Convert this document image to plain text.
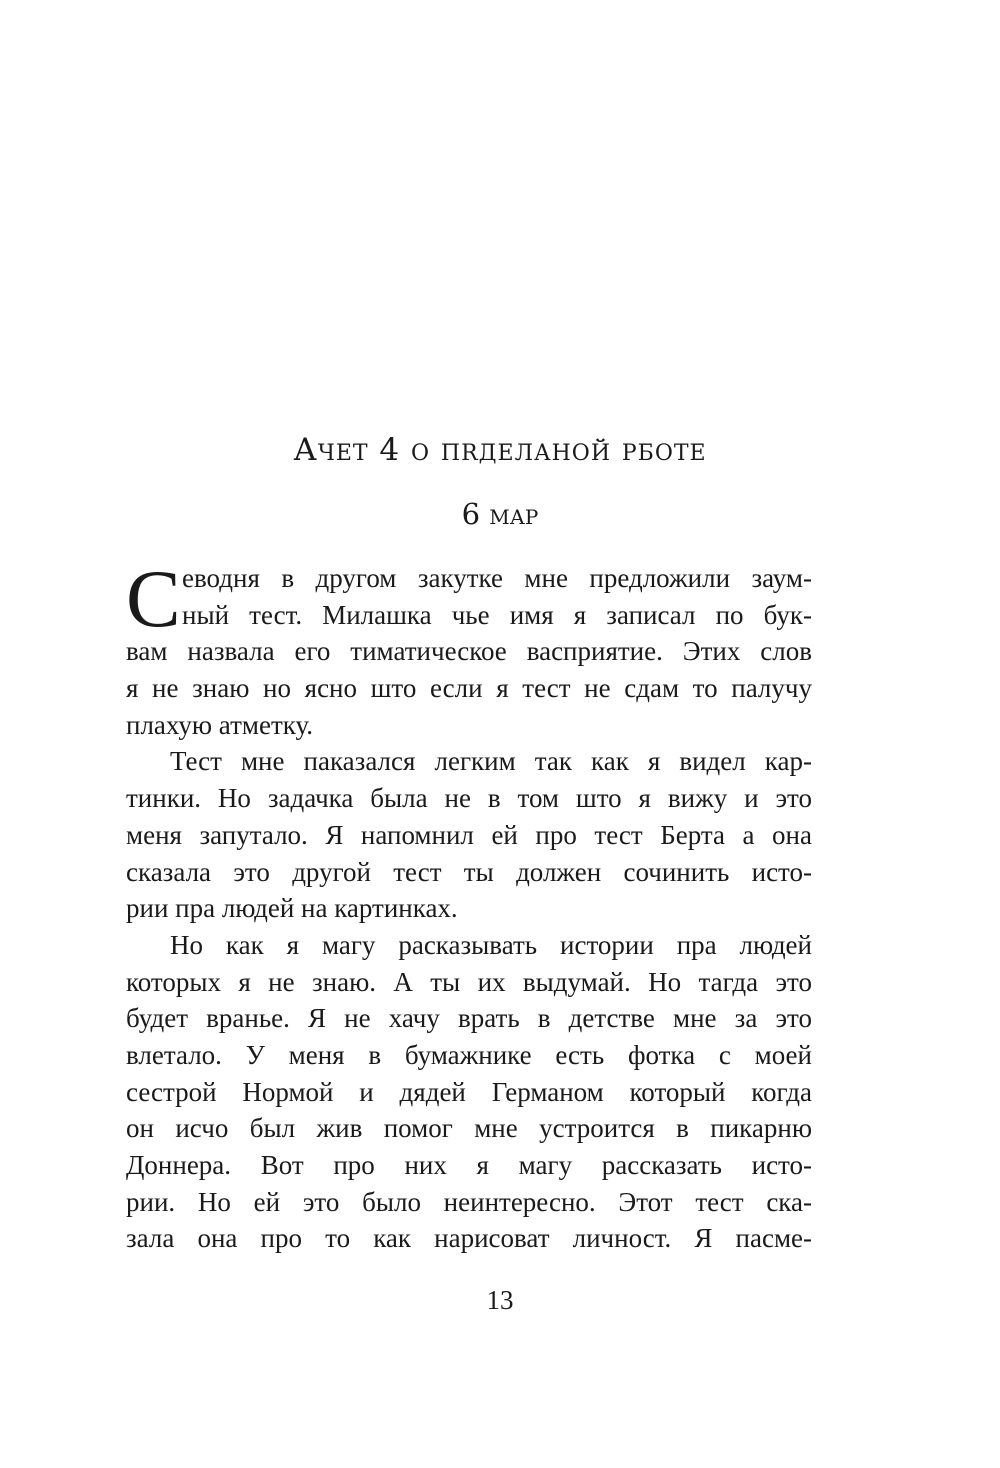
Ачет 4 о пrделаной рботе
6 мар
С еводня в другом закутке мне предложили заум-
ный тест. Милашка чье имя я записал по бук-
вам назвала его тиматическое васприятие. Этих слов
я не знаю но ясно што если я тест не сдам то палучу
плахую атметку.
Тест мне паказался легким так как я видел кар-
тинки. Но задачка была не в том што я вижу и это
меня запутало. Я напомнил ей про тест Берта а она
сказала это другой тест ты должен сочинить исто-
рии пра людей на картинках.
Но как я магу расказывать истории пра людей
которых я не знаю. А ты их выдумай. Но тагда это
будет вранье. Я не хачу врать в детстве мне за это
влетало. У меня в бумажнике есть фотка с моей
сестрой Нормой и дядей Германом который когда
он исчо был жив помог мне устроится в пикарню
Доннера. Вот про них я магу рассказать исто-
рии. Но ей это было неинтересно. Этот тест ска-
зала она про то как нарисоват личност. Я пасме-
13
